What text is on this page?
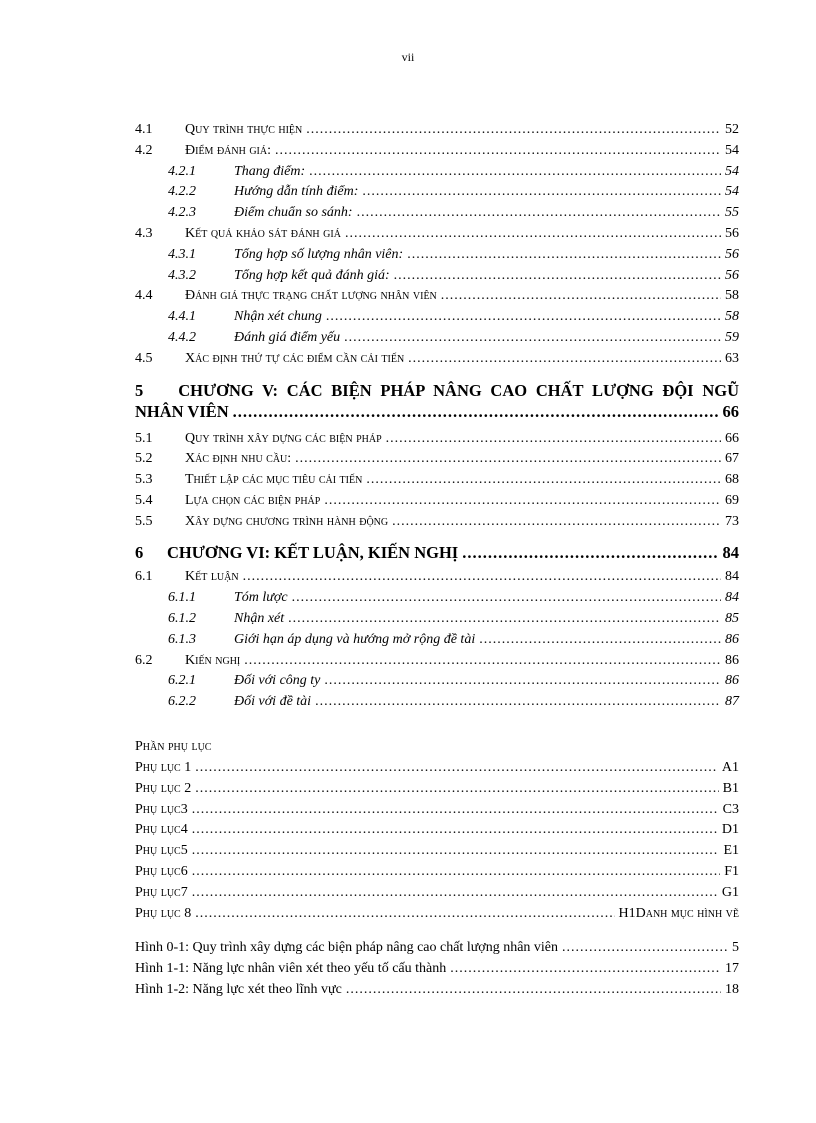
vii
4.1	Quy trình thực hiện .....	52
4.2	Điểm đánh giá: .....	54
4.2.1	Thang điểm: .....	54
4.2.2	Hướng dẫn tính điểm: .....	54
4.2.3	Điểm chuẩn so sánh: .....	55
4.3	Kết quả khảo sát đánh giá .....	56
4.3.1	Tổng hợp số lượng nhân viên: .....	56
4.3.2	Tổng hợp kết quả đánh giá: .....	56
4.4	Đánh giá thực trạng chất lượng nhân viên .....	58
4.4.1	Nhận xét chung .....	58
4.4.2	Đánh giá điểm yếu .....	59
4.5	Xác định thứ tự các điểm cần cải tiến .....	63
5 CHƯƠNG V: CÁC BIỆN PHÁP NÂNG CAO CHẤT LƯỢNG ĐỘI NGŨ
NHÂN VIÊN .....	66
5.1	Quy trình xây dựng các biện pháp .....	66
5.2	Xác định nhu cầu: .....	67
5.3	Thiết lập các mục tiêu cải tiến .....	68
5.4	Lựa chọn các biện pháp .....	69
5.5	Xây dựng chương trình hành động .....	73
6	CHƯƠNG VI: KẾT LUẬN, KIẾN NGHỊ .....	84
6.1	Kết luận .....	84
6.1.1	Tóm lược .....	84
6.1.2	Nhận xét .....	85
6.1.3	Giới hạn áp dụng và hướng mở rộng đề tài .....	86
6.2	Kiến nghị .....	86
6.2.1	Đối với công ty .....	86
6.2.2	Đối với đề tài .....	87
Phần phụ lục
Phụ lục 1 .....	A1
Phụ lục 2 .....	B1
Phụ lục3 .....	C3
Phụ lục4 .....	D1
Phụ lục5 .....	E1
Phụ lục6 .....	F1
Phụ lục7 .....	G1
Phụ lục 8 .....	H1Danh mục hình vẽ
Hình 0-1: Quy trình xây dựng các biện pháp nâng cao chất lượng nhân viên .....	5
Hình 1-1: Năng lực nhân viên xét theo yếu tố cấu thành .....	17
Hình 1-2: Năng lực xét theo lĩnh vực .....	18
